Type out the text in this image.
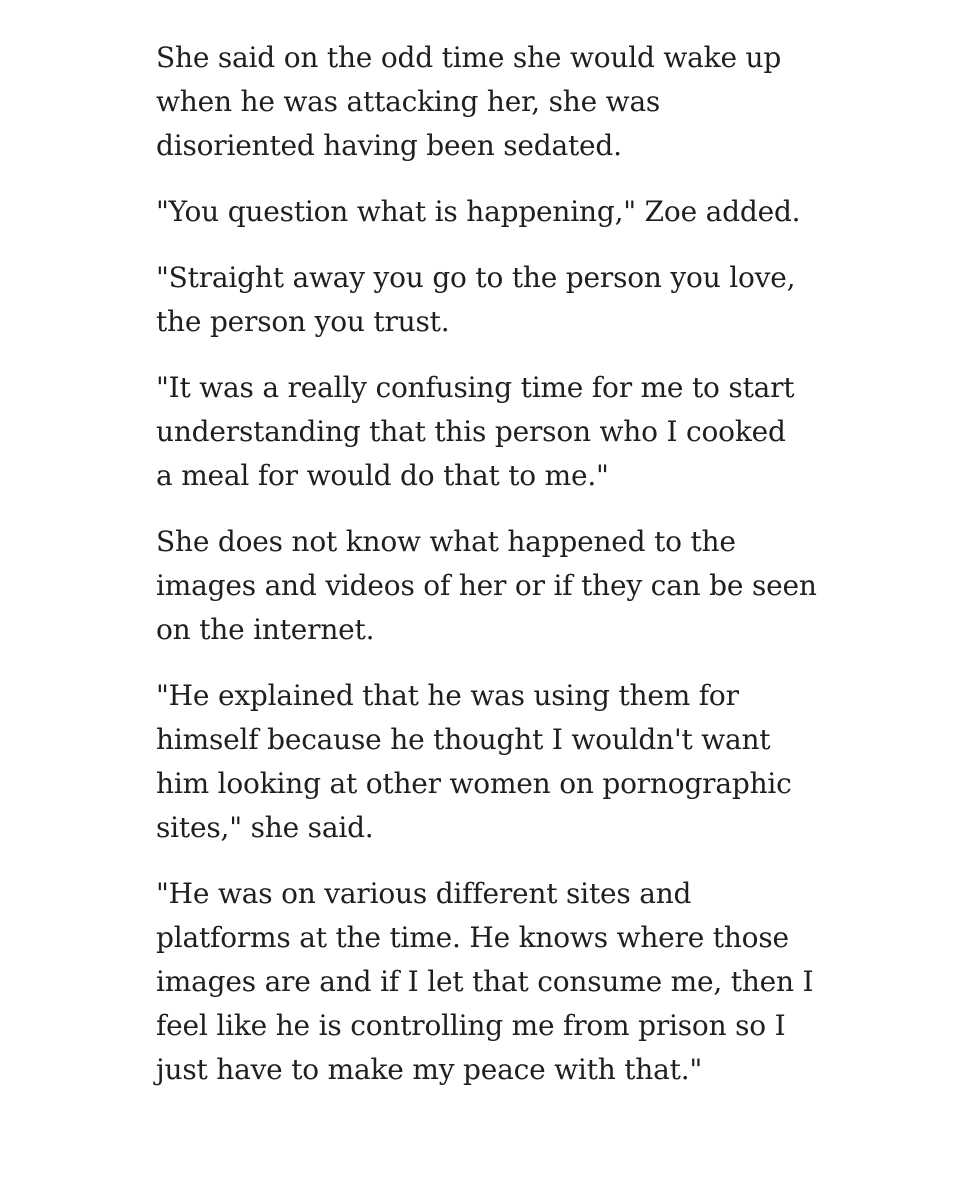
She said on the odd time she would wake up
when he was attacking her, she was
disoriented having been sedated.

"You question what is happening," Zoe added.

"Straight away you go to the person you love,
the person you trust.

"It was a really confusing time for me to start
understanding that this person who I cooked
a meal for would do that to me."

She does not know what happened to the
images and videos of her or if they can be seen
on the internet.

"He explained that he was using them for
himself because he thought I wouldn't want
him looking at other women on pornographic
sites," she said.

"He was on various different sites and
platforms at the time. He knows where those
images are and if I let that consume me, then I
feel like he is controlling me from prison so I
just have to make my peace with that."
